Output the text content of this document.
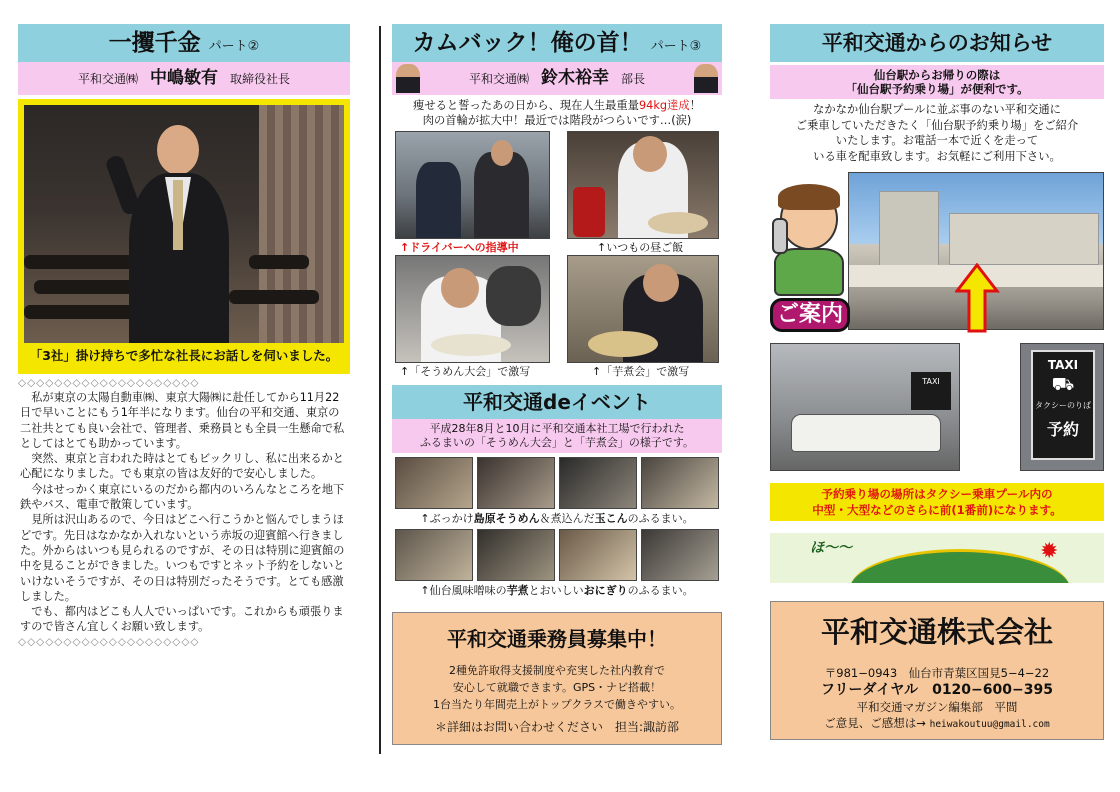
一攫千金 パート②
平和交通㈱ 中嶋敏有 取締役社長
「3社」掛け持ちで多忙な社長にお話しを伺いました。
◇◇◇◇◇◇◇◇◇◇◇◇◇◇◇◇◇◇◇◇

私が東京の太陽自動車㈱、東京大陽㈱に赴任してから11月22日で早いことにもう1年半になります。仙台の平和交通、東京の二社共とても良い会社で、管理者、乗務員とも全員一生懸命で私としてはとても助かっています。

突然、東京と言われた時はとてもビックリし、私に出来るかと心配になりました。でも東京の皆は友好的で安心しました。

今はせっかく東京にいるのだから都内のいろんなところを地下鉄やバス、電車で散策しています。

見所は沢山あるので、今日はどこへ行こうかと悩んでしまうほどです。先日はなかなか入れないという赤坂の迎賓館へ行きました。外からはいつも見られるのですが、その日は特別に迎賓館の中を見ることができました。いつもですとネット予約をしないといけないそうですが、その日は特別だったそうです。とても感激しました。

でも、都内はどこも人人でいっぱいです。これからも頑張りますので皆さん宜しくお願い致します。

◇◇◇◇◇◇◇◇◇◇◇◇◇◇◇◇◇◇◇◇
カムバック！俺の首！ パート③
平和交通㈱ 鈴木裕幸 部長
痩せると誓ったあの日から、現在人生最重量94kg達成！
肉の首輪が拡大中！最近では階段がつらいです…(涙)
↑ドライバーへの指導中	↑いつもの昼ご飯
↑「そうめん大会」で激写	↑「芋煮会」で激写
平和交通deイベント
平成28年8月と10月に平和交通本社工場で行われた
ふるまいの「そうめん大会」と「芋煮会」の様子です。
↑ぶっかけ島原そうめん＆煮込んだ玉こんのふるまい。
↑仙台風味噌味の芋煮とおいしいおにぎりのふるまい。
平和交通乗務員募集中！
2種免許取得支援制度や充実した社内教育で
安心して就職できます。GPS・ナビ搭載！
1台当たり年間売上がトップクラスで働きやすい。
＊詳細はお問い合わせください　担当:諏訪部
平和交通からのお知らせ
仙台駅からお帰りの際は
「仙台駅予約乗り場」が便利です。
なかなか仙台駅プールに並ぶ事のない平和交通に
ご乗車していただきたく「仙台駅予約乗り場」をご紹介
いたします。お電話一本で近くを走って
いる車を配車致します。お気軽にご利用下さい。
ご案内
TAXI
TAXI
⛟
タクシーのりば
予約
予約乗り場の場所はタクシー乗車プール内の
中型・大型などのさらに前(1番前)になります。
ほ〜〜	✹
平和交通株式会社
〒981−0943　仙台市青葉区国見5−4−22
フリーダイヤル　 0120−600−395
平和交通マガジン編集部　平間
ご意見、ご感想は→ heiwakoutuu@gmail.com
